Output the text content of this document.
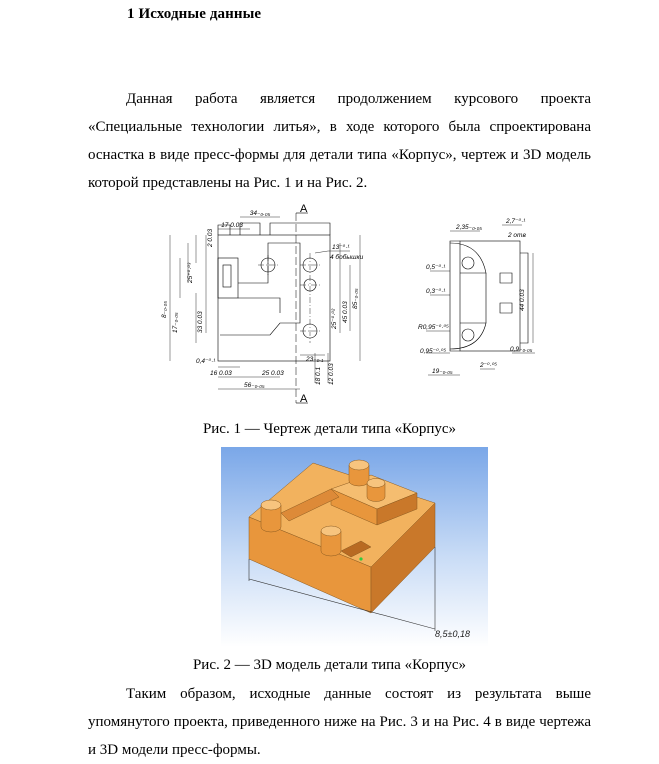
1 Исходные данные

Данная работа является продолжением курсового проекта «Специальные технологии литья», в ходе которого была спроектирована оснастка в виде пресс-формы для детали типа «Корпус», чертеж и 3D модель которой представлены на Рис. 1 и на Рис. 2.

34₋₀.₀₅
17 0.03
2 0.03
25⁺⁰·⁰³
8₋₀.₀₅
17₋₀.₀₅	33 0.03
13⁻⁰·¹
4 бобышки
25⁻⁰·⁰² 45 0.03
85₋₀.₀₅
0,4⁻⁰·¹
16 0.03	25 0.03
56₋₀.₀₅
23₋₀.₁
18 0.1 12 0.03
А
А
2,35₋₀.₀₅
2,7⁻⁰·¹
2 отв
0,5⁻⁰·¹
0,3⁻⁰·¹	44 0.03
R0,95⁻⁰·⁰⁵
0,95⁻⁰·⁰⁵	0,9₋₀.₀₅
19₋₀.₀₅
2⁻⁰·⁰⁵
Рис. 1 — Чертеж детали типа «Корпус»
8,5±0,18
Рис. 2 — 3D модель детали типа «Корпус»

Таким образом, исходные данные состоят из результата выше упомянутого проекта, приведенного ниже на Рис. 3 и на Рис. 4 в виде чертежа и 3D модели пресс-формы.
